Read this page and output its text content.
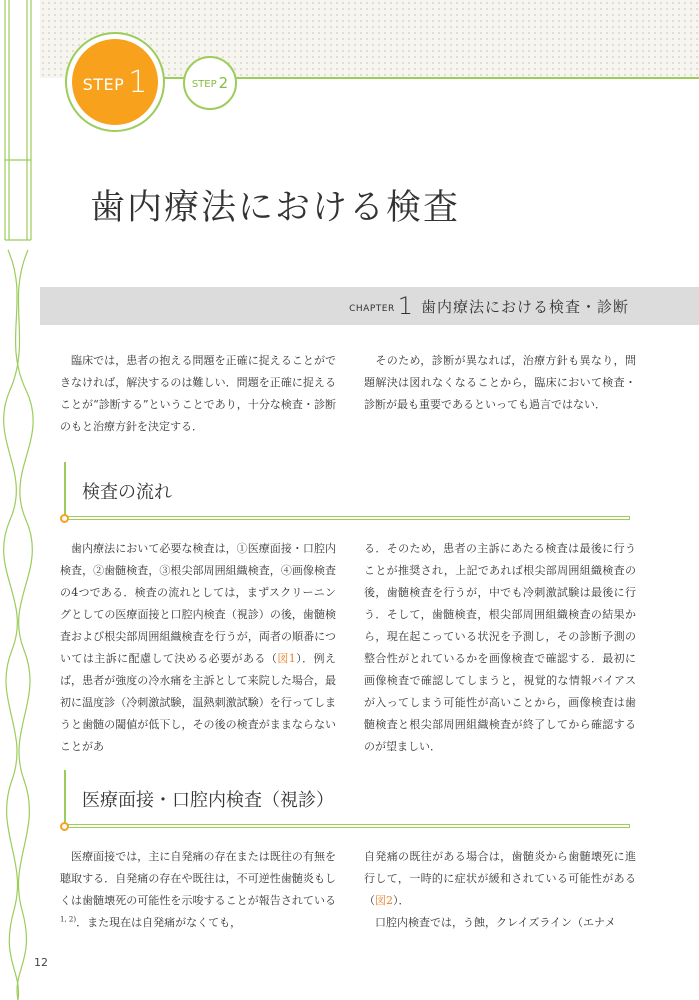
STEP 1	STEP 2
歯内療法における検査
CHAPTER 1 歯内療法における検査・診断

　臨床では，患者の抱える問題を正確に捉えることができなければ，解決するのは難しい．問題を正確に捉えることが“診断する”ということであり，十分な検査・診断のもと治療方針を決定する．

　そのため，診断が異なれば，治療方針も異なり，問題解決は図れなくなることから，臨床において検査・診断が最も重要であるといっても過言ではない．

検査の流れ

　歯内療法において必要な検査は，①医療面接・口腔内検査，②歯髄検査，③根尖部周囲組織検査，④画像検査の4つである．検査の流れとしては，まずスクリーニングとしての医療面接と口腔内検査（視診）の後，歯髄検査および根尖部周囲組織検査を行うが，両者の順番については主訴に配慮して決める必要がある（図1）．例えば，患者が強度の冷水痛を主訴として来院した場合，最初に温度診（冷刺激試験，温熱刺激試験）を行ってしまうと歯髄の閾値が低下し，その後の検査がままならないことがあ

る．そのため，患者の主訴にあたる検査は最後に行うことが推奨され，上記であれば根尖部周囲組織検査の後，歯髄検査を行うが，中でも冷刺激試験は最後に行う．そして，歯髄検査，根尖部周囲組織検査の結果から，現在起こっている状況を予測し，その診断予測の整合性がとれているかを画像検査で確認する．最初に画像検査で確認してしまうと，視覚的な情報バイアスが入ってしまう可能性が高いことから，画像検査は歯髄検査と根尖部周囲組織検査が終了してから確認するのが望ましい．

医療面接・口腔内検査（視診）

　医療面接では，主に自発痛の存在または既往の有無を聴取する．自発痛の存在や既往は，不可逆性歯髄炎もしくは歯髄壊死の可能性を示唆することが報告されている$^{1, 2)}$．また現在は自発痛がなくても，

自発痛の既往がある場合は，歯髄炎から歯髄壊死に進行して，一時的に症状が緩和されている可能性がある（図2）．

　口腔内検査では，う蝕，クレイズライン（エナメ

12
